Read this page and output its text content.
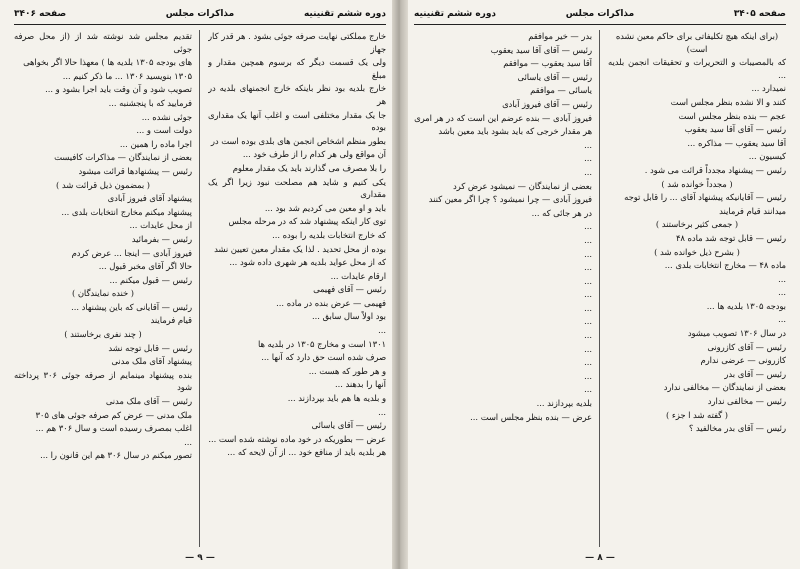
صفحه ۳۴۰۶	مذاکرات مجلس	دوره ششم تقنینیه

خارج مملکتی نهایت صرفه جوئی بشود . هر قدر کار جهاز

ولی یک قسمت دیگر که برسوم همچین مقدار و مبلغ

خارج بلدیه بود نظر باینکه خارج انجمنهای بلدیه در هر

جا یک مقدار مختلفی است و اغلب آنها یک مقداری بوده

بطور منظم اشخاص انجمن های بلدی بوده است در

آن مواقع ولی هر کدام را از طرف خود ...

را بلا مصرف می گذارند باید یک مقدار معلوم

یکی کنیم و شاید هم مصلحت نبود زیرا اگر یک مقداری

باید و او معین می کردیم شد بود ...

توی کار اینکه پیشنهاد شد که در مرحله مجلس

که خارج انتخابات بلدیه را بوده ...

بوده از محل تحدید . لذا یک مقدار معین تعیین نشد

که از محل عواید بلدیه هر شهری داده شود ...

ارقام عایدات ...

رئیس — آقای فهیمی

فهیمی — عرض بنده در ماده ...

بود اولاً سال سابق ...

...

۱۳۰۱ است و مخارج ۱۳۰۵ در بلدیه ها

صرف شده است حق دارد که آنها ...

و هر طور که هست ...

آنها را بدهند ...

و بلدیه ها هم باید بپردازند ...

...

رئیس — آقای یاسائی

عرض — بطوریکه در خود ماده نوشته شده است ...

هر بلدیه باید از منافع خود ... از آن لایحه که ...

تقدیم مجلس شد نوشته شد از (از محل صرفه جوئی

های بودجه ۱۳۰۵ بلدیه ها ) معهذا حالا اگر بخواهی

۱۳۰۵ بنویسید ۱۳۰۶ ... ما ذکر کنیم ...

تصویب شود و آن وقت باید اجرا بشود و ...

فرمایید که با پنجشنبه ...

جوئی نشده ...

دولت است و ...

اجرا ماده را همین ...

بعضی از نمایندگان — مذاکرات کافیست

رئیس — پیشنهادها قرائت میشود

( بمضمون ذیل قرائت شد )

پیشنهاد آقای فیروز آبادی

پیشنهاد میکنم مخارج انتخابات بلدی ...

از محل عایدات ...

رئیس — بفرمائید

فیروز آبادی — اینجا ... عرض کردم

حالا اگر آقای مخبر قبول ...

رئیس — قبول میکنم ...

( خنده نمایندگان )

رئیس — آقایانی که باین پیشنهاد ...

قیام فرمایند

( چند نفری برخاستند )

رئیس — قابل توجه نشد

پیشنهاد آقای ملک مدنی

بنده پیشنهاد مینمایم از صرفه جوئی ۳۰۶ پرداخته شود

رئیس — آقای ملک مدنی

ملک مدنی — عرض کم صرفه جوئی های ۳۰۵

اغلب بمصرف رسیده است و سال ۳۰۶ هم ...

...

تصور میکنم در سال ۳۰۶ هم این قانون را ...

— ۹ —
دوره ششم تقنینیه	مذاکرات مجلس	صفحه ۳۴۰۵

(برای اینکه هیچ تکلیفاتی برای حاکم معین نشده است)

که بالمصیبات و التحریرات و تحقیقات انجمن بلدیه ...

نمیدارد ...

کنند و الا نشده بنظر مجلس است

عجم — بنده بنظر مجلس است

رئیس — آقای آقا سید یعقوب

آقا سید یعقوب — مذاکره ...

کیسیون ...

رئیس — پیشنهاد مجدداً قرائت می شود .

( مجدداً خوانده شد )

رئیس — آقایانیکه پیشنهاد آقای ... را قابل توجه

میدانند قیام فرمایند

( جمعی کثیر برخاستند )

رئیس — قابل توجه شد ماده ۴۸

( بشرح ذیل خوانده شد )

ماده ۴۸ — مخارج انتخابات بلدی ...

...

...

بودجه ۱۳۰۵ بلدیه ها ...

...

در سال ۱۳۰۶ تصویب میشود

رئیس — آقای کازرونی

کازرونی — عرضی ندارم

رئیس — آقای بدر

بعضی از نمایندگان — مخالفی ندارد

رئیس — مخالفی ندارد

( گفته شد ا جزء )

رئیس — آقای بدر مخالفید ؟

بدر — خیر موافقم

رئیس — آقای آقا سید یعقوب

آقا سید یعقوب — موافقم

رئیس — آقای یاسائی

یاسائی — موافقم

رئیس — آقای فیروز آبادی

فیروز آبادی — بنده عرضم این است که در هر امری

هر مقدار خرجی که باید بشود باید معین باشد

...

...

...

بعضی از نمایندگان — نمیشود عرض کرد

فیروز آبادی — چرا نمیشود ؟ چرا اگر معین کنند

در هر جائی که ...

...

...

...

...

...

...

...

...

...

...

...

...

...

بلدیه بپردازند ...

عرض — بنده بنظر مجلس است ...

— ۸ —
